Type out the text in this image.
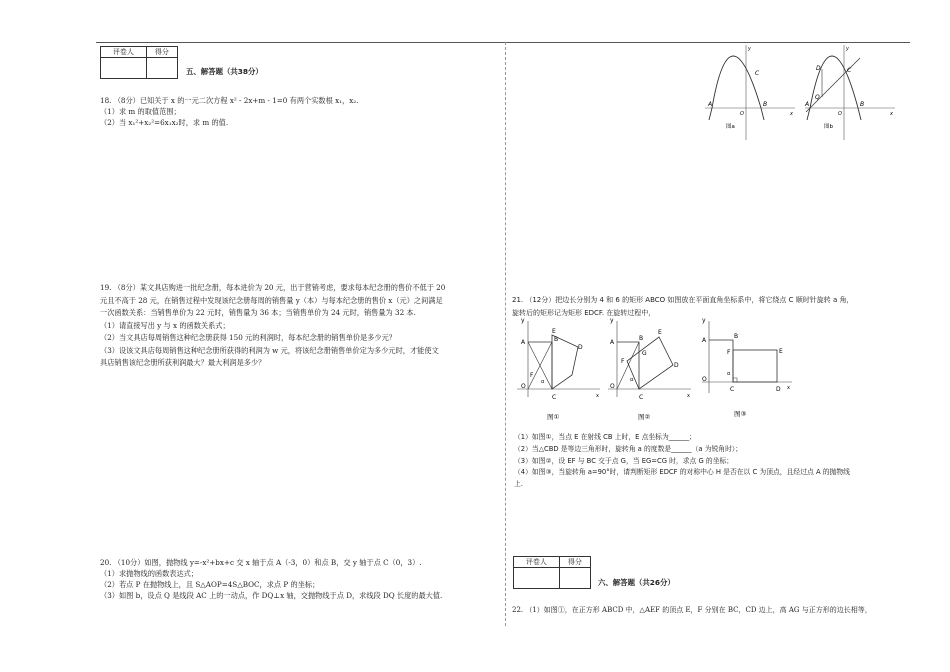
评卷人	得分

五、解答题（共38分）
18. （8分）已知关于 x 的一元二次方程 x² - 2x+m - 1=0 有两个实数根 x₁，x₂.
（1）求 m 的取值范围；
（2）当 x₁²+x₂²=6x₁x₂时，求 m 的值.
19. （8分）某文具店购进一批纪念册，每本进价为 20 元，出于营销考虑，要求每本纪念册的售价不低于 20
元且不高于 28 元，在销售过程中发现该纪念册每周的销售量 y（本）与每本纪念册的售价 x（元）之间满足
一次函数关系：当销售单价为 22 元时，销售量为 36 本；当销售单价为 24 元时，销售量为 32 本.
（1）请直接写出 y 与 x 的函数关系式；
（2）当文具店每周销售这种纪念册获得 150 元的利润时，每本纪念册的销售单价是多少元？
（3）设该文具店每周销售这种纪念册所获得的利润为 w 元，将该纪念册销售单价定为多少元时，才能使文
具店销售该纪念册所获利润最大？最大利润是多少？
20. （10分）如图，抛物线 y=-x²+bx+c 交 x 轴于点 A（-3，0）和点 B，交 y 轴于点 C（0，3）.
（1）求抛物线的函数表达式；
（2）若点 P 在抛物线上，且 S△AOP=4S△BOC，求点 P 的坐标；
（3）如图 b，设点 Q 是线段 AC 上的一动点，作 DQ⊥x 轴，交抛物线于点 D，求线段 DQ 长度的最大值.
A	B
C
O	x
y
图a
A	B
C
D
Q
O	x
y
图b
21. （12分）把边长分别为 4 和 6 的矩形 ABCO 如图放在平面直角坐标系中，将它绕点 C 顺时针旋转 a 角，
旋转后的矩形记为矩形 EDCF. 在旋转过程中，
y
A	B
E
D
F
O
C
α
x
图①
y
A
B
E
G
D
F
O
C
α
x
图②
y
A
B
F	E
O
C	D
α
x
图③
（1）如图①，当点 E 在射线 CB 上时，E 点坐标为______；
（2）当△CBD 是等边三角形时，旋转角 a 的度数是______（a 为锐角时）；
（3）如图②，设 EF 与 BC 交于点 G，当 EG=CG 时，求点 G 的坐标；
（4）如图③，当旋转角 a=90°时，请判断矩形 EDCF 的对称中心 H 是否在以 C 为顶点，且经过点 A 的抛物线
上.
评卷人	得分

六、解答题（共26分）
22. （1）如图①，在正方形 ABCD 中，△AEF 的顶点 E，F 分别在 BC，CD 边上，高 AG 与正方形的边长相等，
